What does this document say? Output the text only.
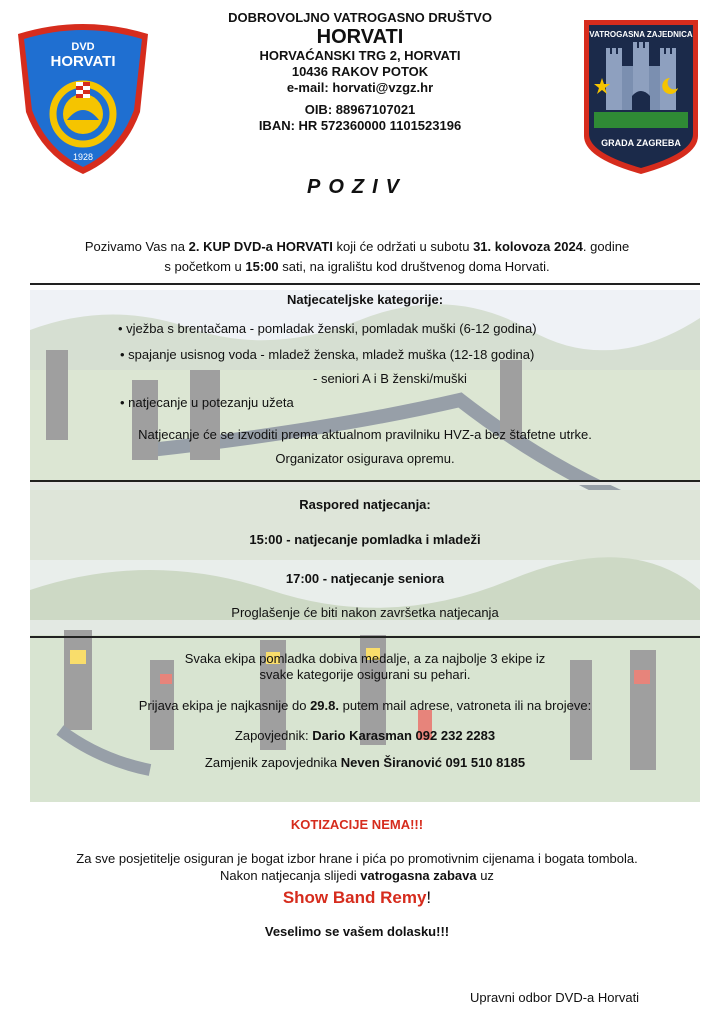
DVD
HORVATI
1928
DOBROVOLJNO VATROGASNO DRUŠTVO
HORVATI
HORVAĆANSKI TRG 2, HORVATI
10436 RAKOV POTOK
e-mail: horvati@vzgz.hr
OIB: 88967107021
IBAN: HR 572360000 1101523196
VATROGASNA ZAJEDNICA
GRADA ZAGREBA
POZIV
Pozivamo Vas na 2. KUP DVD-a HORVATI koji će održati u subotu 31. kolovoza 2024. godine
s početkom u 15:00 sati, na igralištu kod društvenog doma Horvati.
Natjecateljske kategorije:
• vježba s brentačama - pomladak ženski, pomladak muški (6-12 godina)
• spajanje usisnog voda - mladež ženska, mladež muška (12-18 godina)
- seniori A i B ženski/muški
• natjecanje u potezanju užeta
Natjecanje će se izvoditi prema aktualnom pravilniku HVZ-a bez štafetne utrke.
Organizator osigurava opremu.
Raspored natjecanja:
15:00 - natjecanje pomladka i mladeži
17:00 - natjecanje seniora
Proglašenje će biti nakon završetka natjecanja
Svaka ekipa pomladka dobiva medalje, a za najbolje 3 ekipe iz
svake kategorije osigurani su pehari.
Prijava ekipa je najkasnije do 29.8. putem mail adrese, vatroneta ili na brojeve:
Zapovjednik: Dario Karasman 092 232 2283
Zamjenik zapovjednika Neven Širanović 091 510 8185
KOTIZACIJE NEMA!!!
Za sve posjetitelje osiguran je bogat izbor hrane i pića po promotivnim cijenama i bogata tombola.
Nakon natjecanja slijedi vatrogasna zabava uz
Show Band Remy!
Veselimo se vašem dolasku!!!
Upravni odbor DVD-a Horvati
